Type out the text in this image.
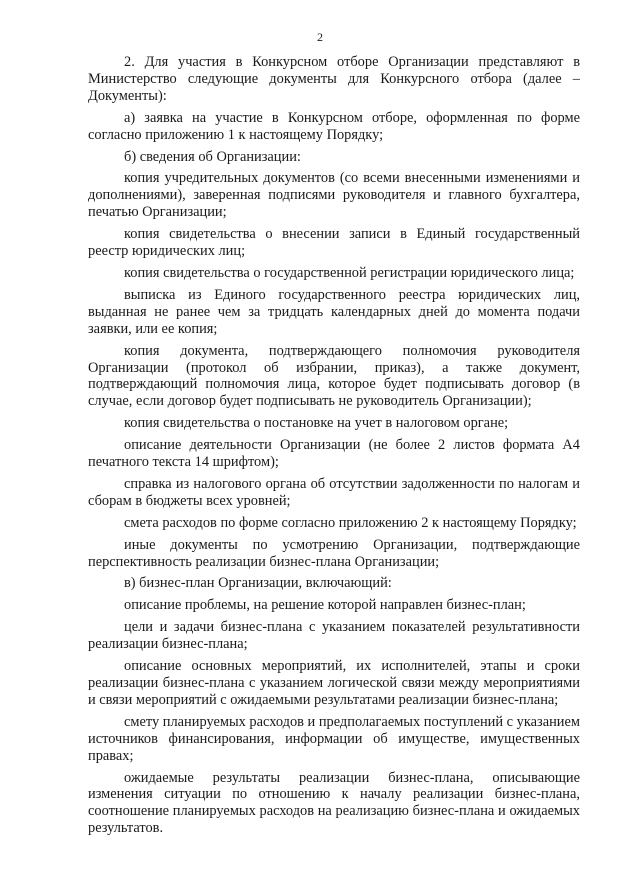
2

2. Для участия в Конкурсном отборе Организации представляют в Министерство следующие документы для Конкурсного отбора (далее – Документы):

а) заявка на участие в Конкурсном отборе, оформленная по форме согласно приложению 1 к настоящему Порядку;

б) сведения об Организации:

копия учредительных документов (со всеми внесенными изменениями и дополнениями), заверенная подписями руководителя и главного бухгалтера, печатью Организации;

копия свидетельства о внесении записи в Единый государственный реестр юридических лиц;

копия свидетельства о государственной регистрации юридического лица;

выписка из Единого государственного реестра юридических лиц, выданная не ранее чем за тридцать календарных дней до момента подачи заявки, или ее копия;

копия документа, подтверждающего полномочия руководителя Организации (протокол об избрании, приказ), а также документ, подтверждающий полномочия лица, которое будет подписывать договор (в случае, если договор будет подписывать не руководитель Организации);

копия свидетельства о постановке на учет в налоговом органе;

описание деятельности Организации (не более 2 листов формата А4 печатного текста 14 шрифтом);

справка из налогового органа об отсутствии задолженности по налогам и сборам в бюджеты всех уровней;

смета расходов по форме согласно приложению 2 к настоящему Порядку;

иные документы по усмотрению Организации, подтверждающие перспективность реализации бизнес-плана Организации;

в) бизнес-план Организации, включающий:

описание проблемы, на решение которой направлен бизнес-план;

цели и задачи бизнес-плана с указанием показателей результативности реализации бизнес-плана;

описание основных мероприятий, их исполнителей, этапы и сроки реализации бизнес-плана с указанием логической связи между мероприятиями и связи мероприятий с ожидаемыми результатами реализации бизнес-плана;

смету планируемых расходов и предполагаемых поступлений с указанием источников финансирования, информации об имуществе, имущественных правах;

ожидаемые результаты реализации бизнес-плана, описывающие изменения ситуации по отношению к началу реализации бизнес-плана, соотношение планируемых расходов на реализацию бизнес-плана и ожидаемых результатов.
